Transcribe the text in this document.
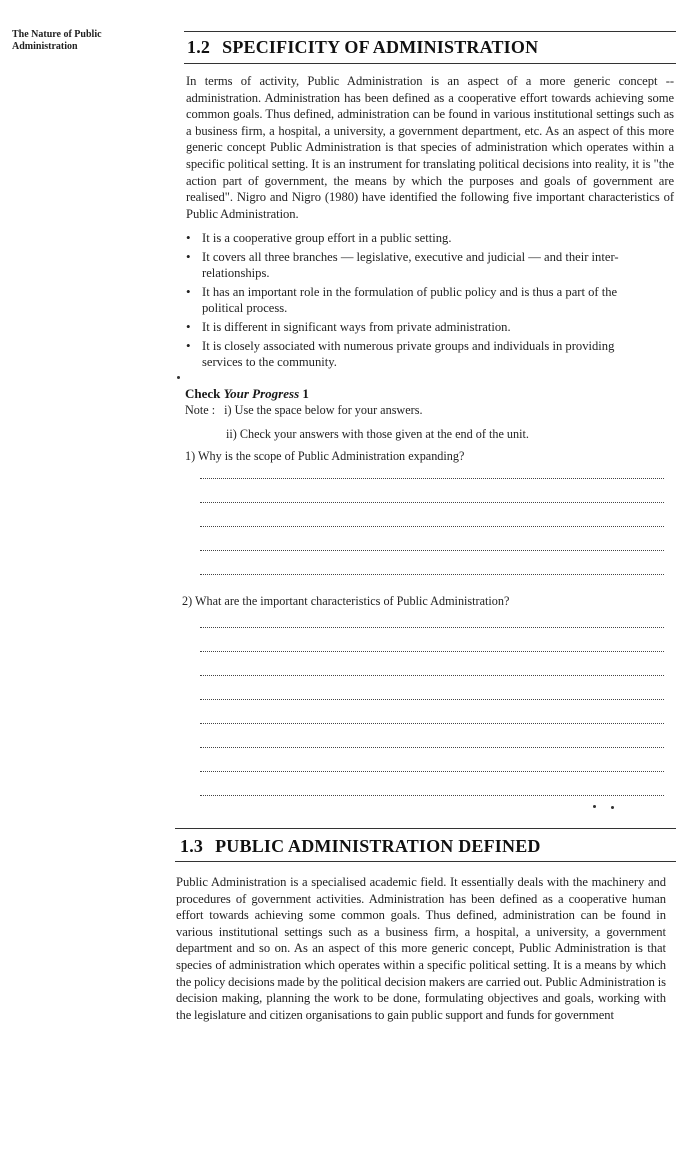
The Nature of Public Administration	1.2 SPECIFICITY OF ADMINISTRATION
In terms of activity, Public Administration is an aspect of a more generic concept -- administration. Administration has been defined as a cooperative effort towards achieving some common goals. Thus defined, administration can be found in various institutional settings such as a business firm, a hospital, a university, a government department, etc. As an aspect of this more generic concept Public Administration is that species of administration which operates within a specific political setting. It is an instrument for translating political decisions into reality, it is "the action part of government, the means by which the purposes and goals of government are realised". Nigro and Nigro (1980) have identified the following five important characteristics of Public Administration.
• It is a cooperative group effort in a public setting.
• It covers all three branches — legislative, executive and judicial — and their inter-relationships.
• It has an important role in the formulation of public policy and is thus a part of the political process.
• It is different in significant ways from private administration.
• It is closely associated with numerous private groups and individuals in providing services to the community.
Check Your Progress 1
Note : i) Use the space below for your answers.
ii) Check your answers with those given at the end of the unit.
1) Why is the scope of Public Administration expanding?
2) What are the important characteristics of Public Administration?
1.3 PUBLIC ADMINISTRATION DEFINED
Public Administration is a specialised academic field. It essentially deals with the machinery and procedures of government activities. Administration has been defined as a cooperative human effort towards achieving some common goals. Thus defined, administration can be found in various institutional settings such as a business firm, a hospital, a university, a government department and so on. As an aspect of this more generic concept, Public Administration is that species of administration which operates within a specific political setting. It is a means by which the policy decisions made by the political decision makers are carried out. Public Administration is decision making, planning the work to be done, formulating objectives and goals, working with the legislature and citizen organisations to gain public support and funds for government
